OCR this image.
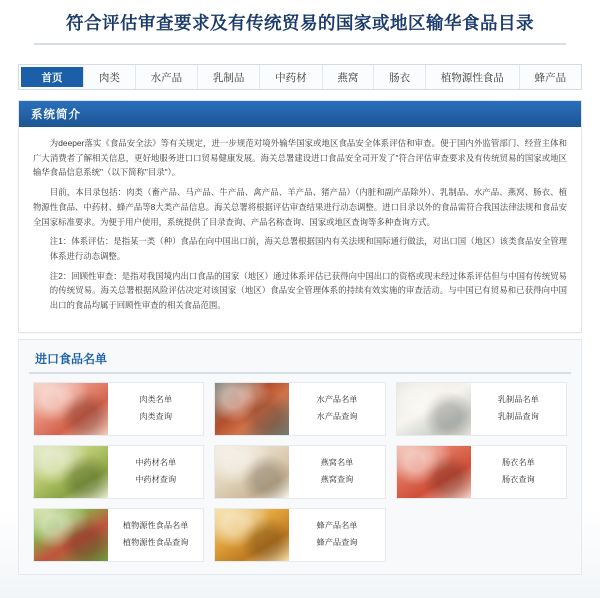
符合评估审查要求及有传统贸易的国家或地区输华食品目录
首页	肉类	水产品	乳制品	中药材	燕窝	肠衣	植物源性食品	蜂产品
系统简介

为deeper落实《食品安全法》等有关规定，进一步规范对境外输华国家或地区食品安全体系评估和审查。便于国内外监管部门、经营主体和广大消费者了解相关信息，更好地服务进口口贸易健康发展。海关总署建设进口食品安全司开发了"符合评估审查要求及有传统贸易的国家或地区输华食品信息系统"（以下简称"目录"）。

目前，本目录包括：肉类（畜产品、马产品、牛产品、禽产品、羊产品、猪产品）（内脏和副产品除外）、乳制品、水产品、燕窝、肠衣、植物源性食品、中药材、蜂产品等8大类产品信息。海关总署将根据评估审查结果进行动态调整。进口目录以外的食品需符合我国法律法规和食品安全国家标准要求。为便于用户使用，系统提供了目录查询、产品名称查询、国家或地区查询等多种查询方式。

注1：体系评估：是指某一类（种）食品在向中国出口前，海关总署根据国内有关法规和国际通行做法，对出口国（地区）该类食品安全管理体系进行动态调整。

注2：回顾性审查：是指对我国境内出口食品的国家（地区）通过体系评估已获得向中国出口的资格或现未经过体系评估但与中国有传统贸易的传统贸易。海关总署根据风险评估决定对该国家（地区）食品安全管理体系的持续有效实施的审查活动。与中国已有贸易和已获得向中国出口的食品均属于回顾性审查的相关食品范围。

进口食品名单
肉类名单
肉类查询
水产品名单
水产品查询
乳制品名单
乳制品查询
中药材名单
中药材查询
燕窝名单
燕窝查询
肠衣名单
肠衣查询
植物源性食品名单
植物源性食品查询
蜂产品名单
蜂产品查询
